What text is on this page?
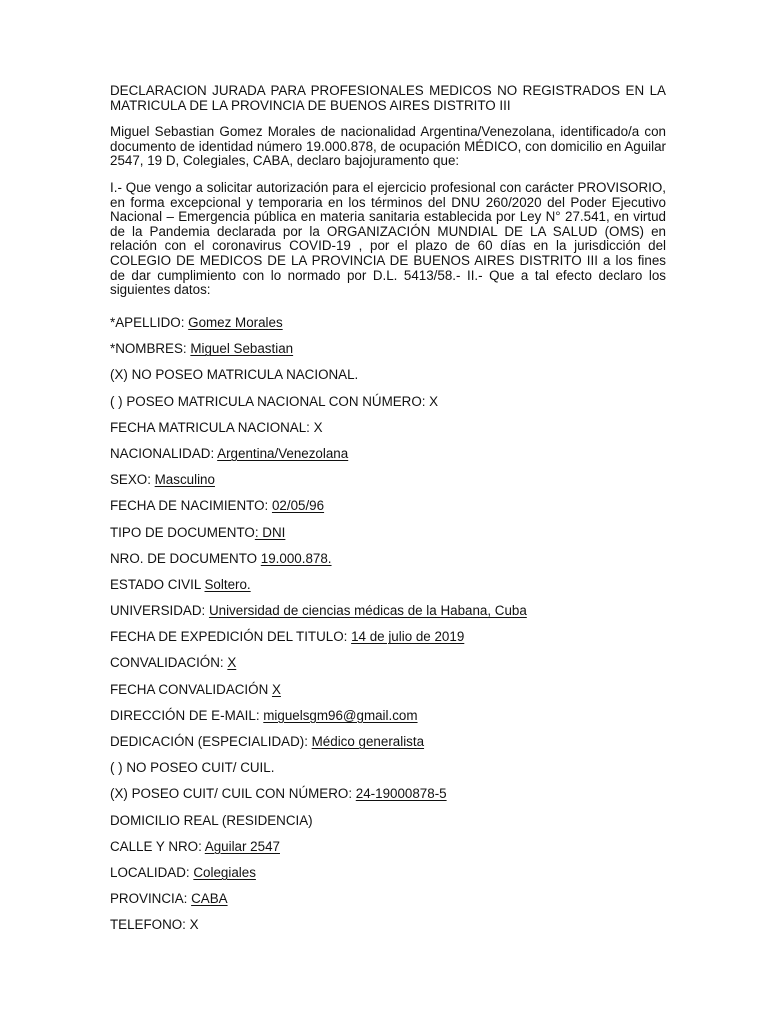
DECLARACION JURADA PARA PROFESIONALES MEDICOS NO REGISTRADOS EN LA MATRICULA DE LA PROVINCIA DE BUENOS AIRES DISTRITO III

Miguel Sebastian Gomez Morales de nacionalidad Argentina/Venezolana, identificado/a con documento de identidad número 19.000.878, de ocupación MÉDICO, con domicilio en Aguilar 2547, 19 D, Colegiales, CABA, declaro bajojuramento que:

I.- Que vengo a solicitar autorización para el ejercicio profesional con carácter PROVISORIO, en forma excepcional y temporaria en los términos del DNU 260/2020 del Poder Ejecutivo Nacional – Emergencia pública en materia sanitaria establecida por Ley N° 27.541, en virtud de la Pandemia declarada por la ORGANIZACIÓN MUNDIAL DE LA SALUD (OMS) en relación con el coronavirus COVID-19 , por el plazo de 60 días en la jurisdicción del COLEGIO DE MEDICOS DE LA PROVINCIA DE BUENOS AIRES DISTRITO III a los fines de dar cumplimiento con lo normado por D.L. 5413/58.- II.- Que a tal efecto declaro los siguientes datos:

*APELLIDO: Gomez Morales
*NOMBRES: Miguel Sebastian
(X) NO POSEO MATRICULA NACIONAL.
( ) POSEO MATRICULA NACIONAL CON NÚMERO: X
FECHA MATRICULA NACIONAL: X
NACIONALIDAD: Argentina/Venezolana
SEXO: Masculino
FECHA DE NACIMIENTO: 02/05/96
TIPO DE DOCUMENTO: DNI
NRO. DE DOCUMENTO 19.000.878.
ESTADO CIVIL Soltero.
UNIVERSIDAD: Universidad de ciencias médicas de la Habana, Cuba
FECHA DE EXPEDICIÓN DEL TITULO: 14 de julio de 2019
CONVALIDACIÓN: X
FECHA CONVALIDACIÓN X
DIRECCIÓN DE E-MAIL: miguelsgm96@gmail.com
DEDICACIÓN (ESPECIALIDAD): Médico generalista
( ) NO POSEO CUIT/ CUIL.
(X) POSEO CUIT/ CUIL CON NÚMERO: 24-19000878-5
DOMICILIO REAL (RESIDENCIA)
CALLE Y NRO: Aguilar 2547
LOCALIDAD: Colegiales
PROVINCIA: CABA
TELEFONO: X
